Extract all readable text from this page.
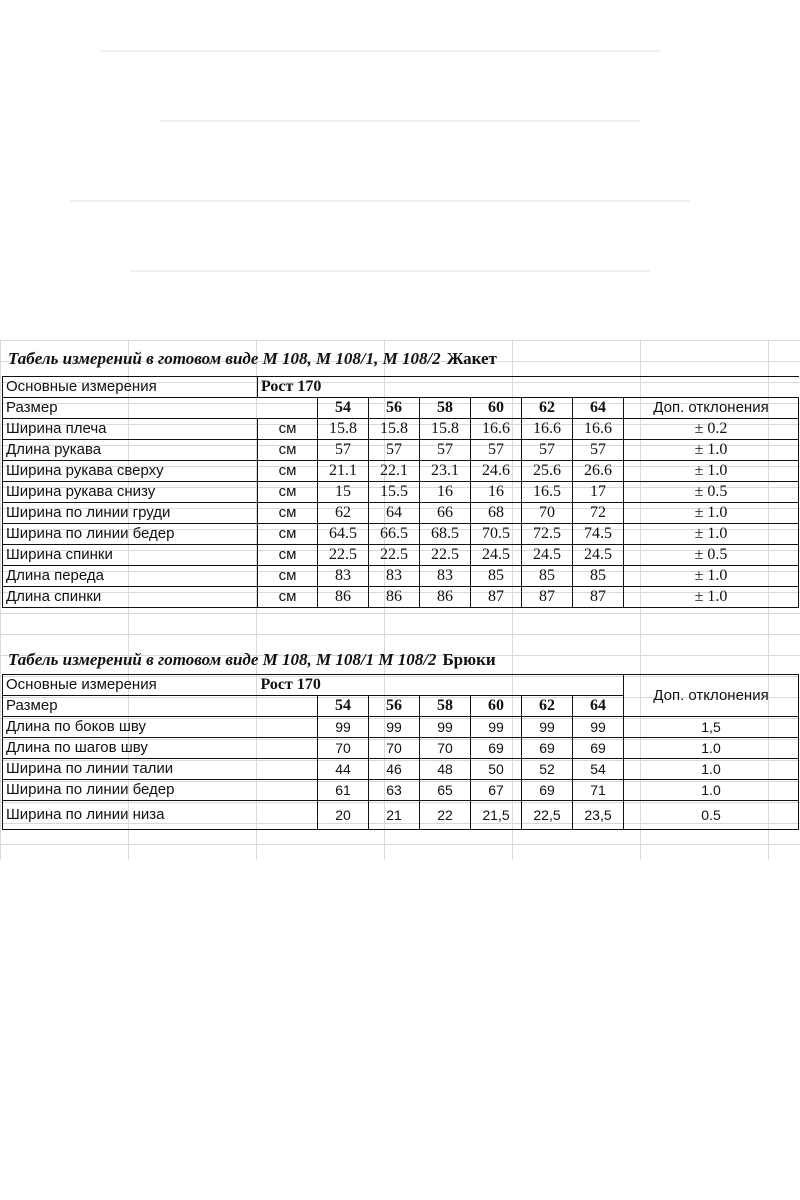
Табель измерений в готовом виде М 108, М 108/1, М 108/2 Жакет
Основные измерения	Рост 170							
Размер		54	56	58	60	62	64	Доп. отклонения
Ширина плеча	см	15.8	15.8	15.8	16.6	16.6	16.6	± 0.2
Длина рукава	см	57	57	57	57	57	57	± 1.0
Ширина рукава сверху	см	21.1	22.1	23.1	24.6	25.6	26.6	± 1.0
Ширина рукава снизу	см	15	15.5	16	16	16.5	17	± 0.5
Ширина по линии груди	см	62	64	66	68	70	72	± 1.0
Ширина по линии бедер	см	64.5	66.5	68.5	70.5	72.5	74.5	± 1.0
Ширина спинки	см	22.5	22.5	22.5	24.5	24.5	24.5	± 0.5
Длина переда	см	83	83	83	85	85	85	± 1.0
Длина спинки	см	86	86	86	87	87	87	± 1.0
Табель измерений в готовом виде М 108, М 108/1 М 108/2 Брюки
Основные измерения	Рост 170							Доп. отклонения
Размер		54	56	58	60	62	64	
Длина по боков шву		99	99	99	99	99	99	1,5
Длина по шагов шву		70	70	70	69	69	69	1.0
Ширина по линии талии		44	46	48	50	52	54	1.0
Ширина по линии бедер		61	63	65	67	69	71	1.0
Ширина по линии низа		20	21	22	21,5	22,5	23,5	0.5
